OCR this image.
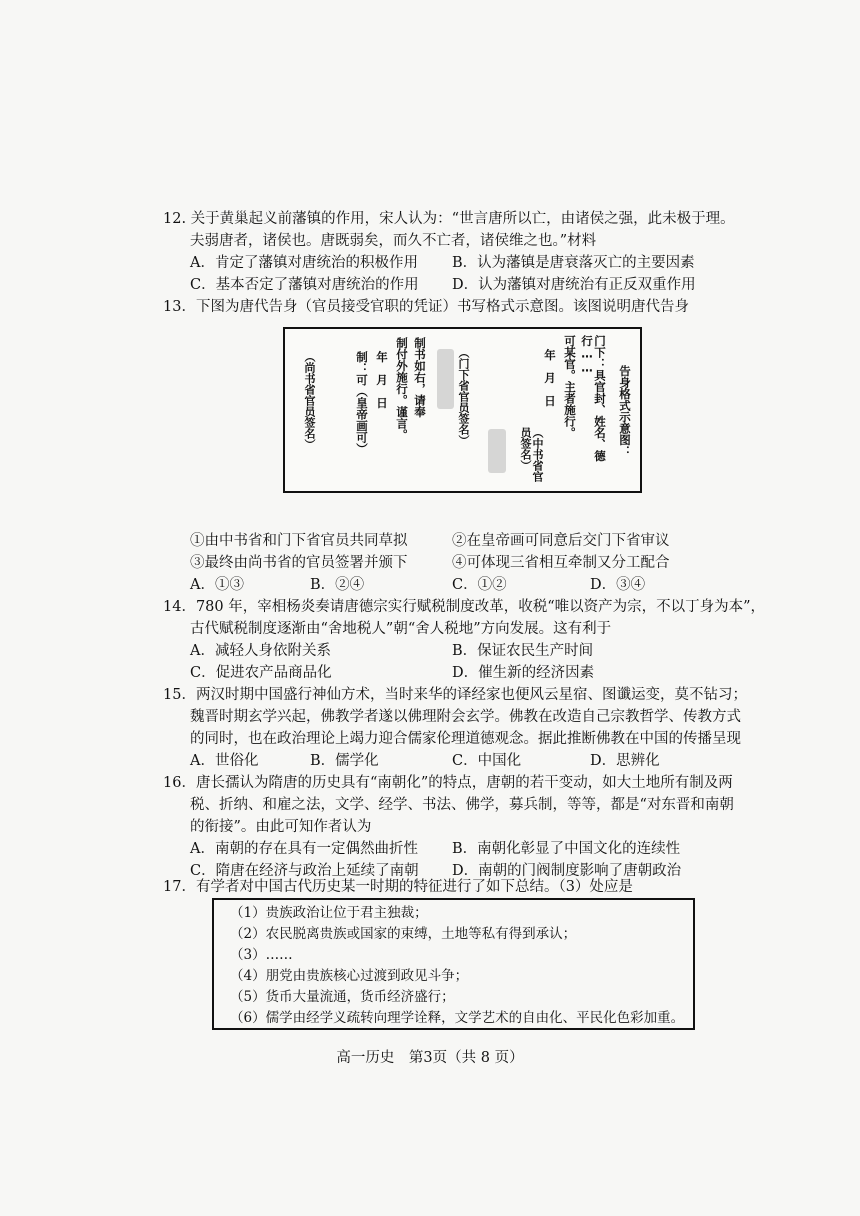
12. 关于黄巢起义前藩镇的作用，宋人认为：“世言唐所以亡，由诸侯之强，此未极于理。
夫弱唐者，诸侯也。唐既弱矣，而久不亡者，诸侯维之也。”材料
A．肯定了藩镇对唐统治的积极作用 B．认为藩镇是唐衰落灭亡的主要因素
C．基本否定了藩镇对唐统治的作用 D．认为藩镇对唐统治有正反双重作用
13．下图为唐代告身（官员接受官职的凭证）书写格式示意图。该图说明唐代告身
告身格式示意图：
门下：具官封、姓名、德行……
可某官。主者施行。
年　月　日
（中书省官员签名）
（门下省官员签名）
制书如右，请奉
制付外施行。谨言。
年　月　日
制：可（皇帝画可）
（尚书省官员签名）
①由中书省和门下省官员共同草拟	②在皇帝画可同意后交门下省审议
③最终由尚书省的官员签署并颁下	④可体现三省相互牵制又分工配合
A．①③	B．②④	C．①②	D．③④
14．780 年，宰相杨炎奏请唐德宗实行赋税制度改革，收税“唯以资产为宗，不以丁身为本”，
古代赋税制度逐渐由“舍地税人”朝“舍人税地”方向发展。这有利于
A．减轻人身依附关系	B．保证农民生产时间
C．促进农产品商品化	D．催生新的经济因素
15．两汉时期中国盛行神仙方术，当时来华的译经家也便风云星宿、图谶运变，莫不钻习；
魏晋时期玄学兴起，佛教学者遂以佛理附会玄学。佛教在改造自己宗教哲学、传教方式
的同时，也在政治理论上竭力迎合儒家伦理道德观念。据此推断佛教在中国的传播呈现
A．世俗化	B．儒学化	C．中国化	D．思辨化
16．唐长孺认为隋唐的历史具有“南朝化”的特点，唐朝的若干变动，如大土地所有制及两
税、折纳、和雇之法，文学、经学、书法、佛学，募兵制，等等，都是“对东晋和南朝
的衔接”。由此可知作者认为
A．南朝的存在具有一定偶然曲折性 B．南朝化彰显了中国文化的连续性
C．隋唐在经济与政治上延续了南朝 D．南朝的门阀制度影响了唐朝政治
17．有学者对中国古代历史某一时期的特征进行了如下总结。（3）处应是
（1）贵族政治让位于君主独裁；
（2）农民脱离贵族或国家的束缚，土地等私有得到承认；
（3）……
（4）朋党由贵族核心过渡到政见斗争；
（5）货币大量流通，货币经济盛行；
（6）儒学由经学义疏转向理学诠释，文学艺术的自由化、平民化色彩加重。
高一历史　第3页（共 8 页）
